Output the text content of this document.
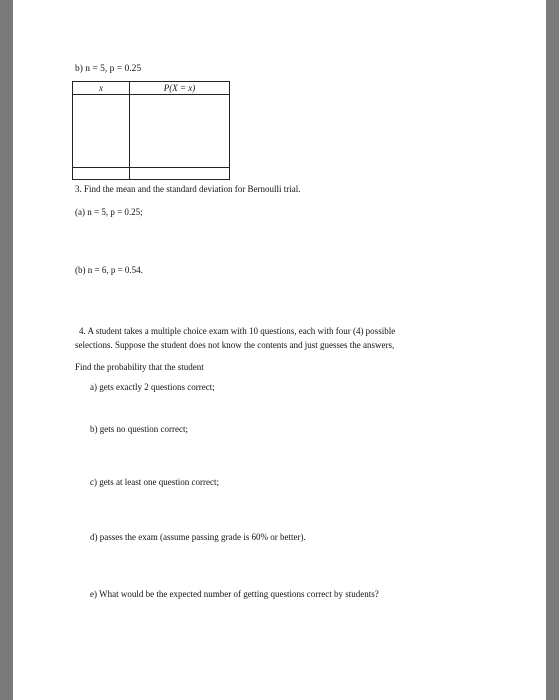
b) n = 5, p = 0.25
x	P(X = x)

3. Find the mean and the standard deviation for Bernoulli trial.
(a) n = 5, p = 0.25;
(b) n = 6, p = 0.54.
4. A student takes a multiple choice exam with 10 questions, each with four (4) possible
selections. Suppose the student does not know the contents and just guesses the answers,
Find the probability that the student
a) gets exactly 2 questions correct;
b) gets no question correct;
c) gets at least one question correct;
d) passes the exam (assume passing grade is 60% or better).
e) What would be the expected number of getting questions correct by students?
